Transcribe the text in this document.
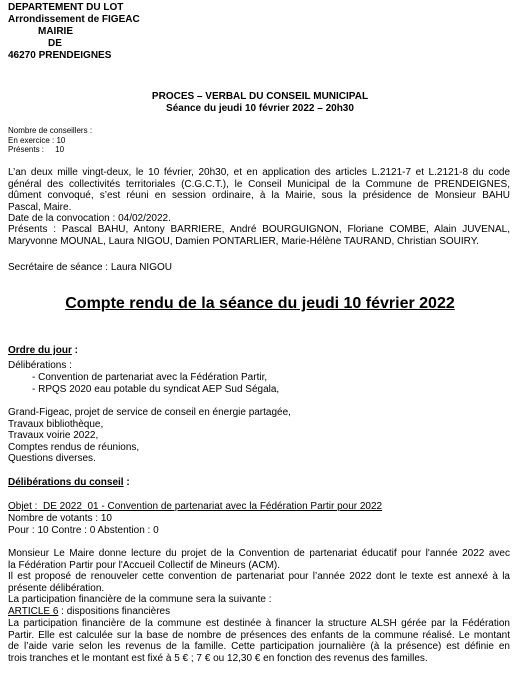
DEPARTEMENT DU LOT
Arrondissement de FIGEAC
MAIRIE
DE
46270 PRENDEIGNES
PROCES – VERBAL DU CONSEIL MUNICIPAL
Séance du jeudi 10 février 2022 – 20h30
Nombre de conseillers :
En exercice : 10
Présents :     10
L’an deux mille vingt-deux, le 10 février, 20h30, et en application des articles L.2121-7 et L.2121-8 du code
général des collectivités territoriales (C.G.C.T.), le Conseil Municipal de la Commune de PRENDEIGNES,
dûment convoqué, s’est réuni en session ordinaire, à la Mairie, sous la présidence de Monsieur BAHU
Pascal, Maire.
Date de la convocation : 04/02/2022.
Présents : Pascal BAHU, Antony BARRIERE, André BOURGUIGNON, Floriane COMBE, Alain JUVENAL,
Maryvonne MOUNAL, Laura NIGOU, Damien PONTARLIER, Marie-Hélène TAURAND, Christian SOUIRY.
Secrétaire de séance : Laura NIGOU
Compte rendu de la séance du jeudi 10 février 2022
Ordre du jour :
Délibérations :
- Convention de partenariat avec la Fédération Partir,
- RPQS 2020 eau potable du syndicat AEP Sud Ségala,
Grand-Figeac, projet de service de conseil en énergie partagée,
Travaux bibliothèque,
Travaux voirie 2022,
Comptes rendus de réunions,
Questions diverses.
Délibérations du conseil :
Objet :  DE 2022_01 - Convention de partenariat avec la Fédération Partir pour 2022
Nombre de votants : 10
Pour : 10 Contre : 0 Abstention : 0
Monsieur Le Maire donne lecture du projet de la Convention de partenariat éducatif pour l'année 2022 avec
la Fédération Partir pour l'Accueil Collectif de Mineurs (ACM).
Il est proposé de renouveler cette convention de partenariat pour l’année 2022 dont le texte est annexé à la
présente délibération.
La participation financière de la commune sera la suivante :
ARTICLE 6 : dispositions financières
La participation financière de la commune est destinée à financer la structure ALSH gérée par la Fédération
Partir. Elle est calculée sur la base de nombre de présences des enfants de la commune réalisé. Le montant
de l’aide varie selon les revenus de la famille. Cette participation journalière (à la présence) est définie en
trois tranches et le montant est fixé à 5 € ; 7 € ou 12,30 € en fonction des revenus des familles.
